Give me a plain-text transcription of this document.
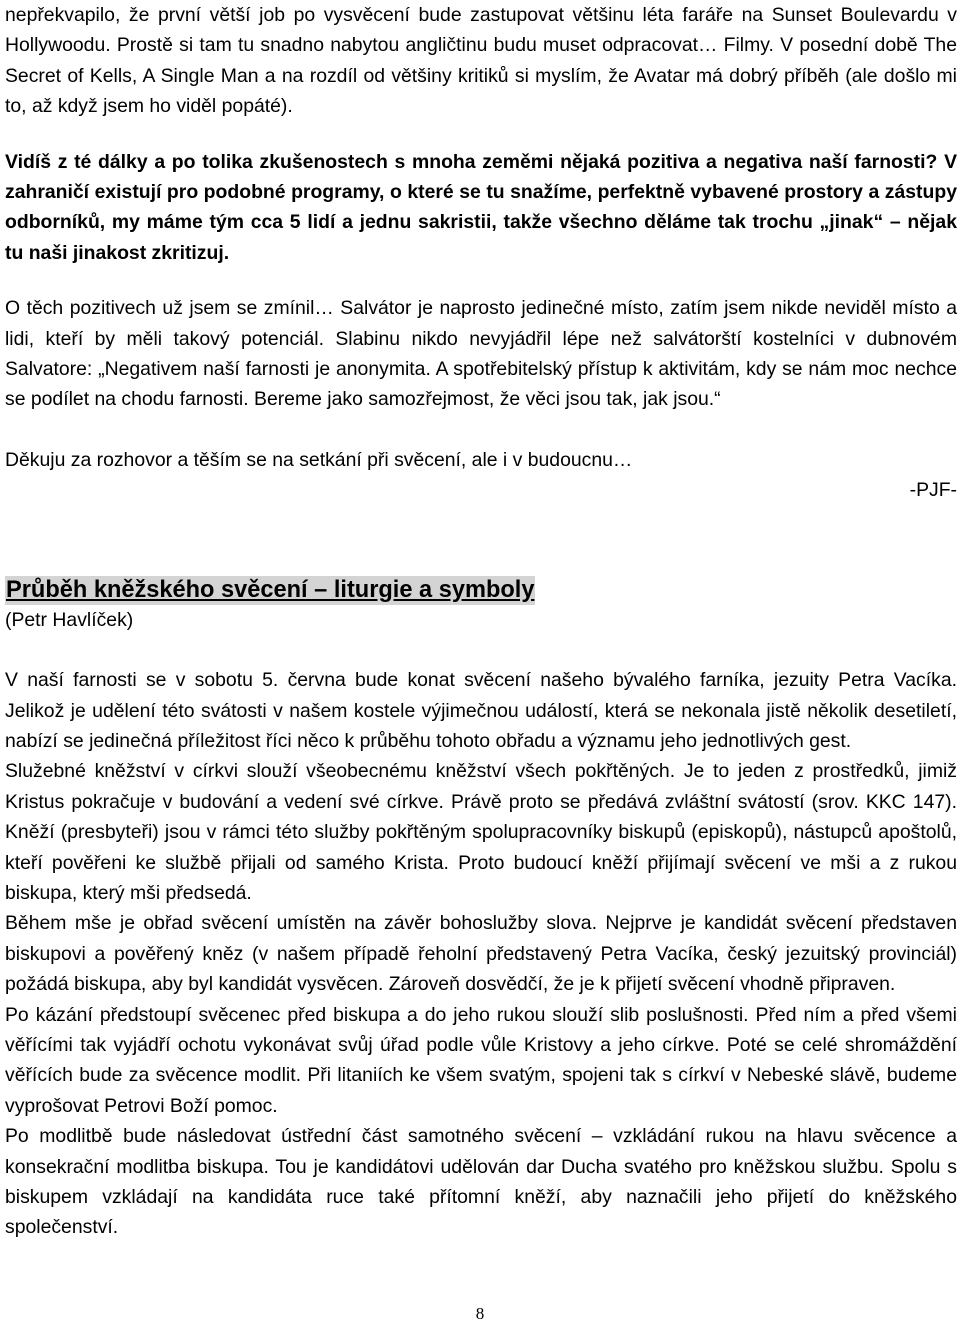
nepřekvapilo, že první větší job po vysvěcení bude zastupovat většinu léta faráře na Sunset Boulevardu v Hollywoodu. Prostě si tam tu snadno nabytou angličtinu budu muset odpracovat… Filmy. V posední době The Secret of Kells, A Single Man a na rozdíl od většiny kritiků si myslím, že Avatar má dobrý příběh (ale došlo mi to, až když jsem ho viděl popáté).

Vidíš z té dálky a po tolika zkušenostech s mnoha zeměmi nějaká pozitiva a negativa naší farnosti? V zahraničí existují pro podobné programy, o které se tu snažíme, perfektně vybavené prostory a zástupy odborníků, my máme tým cca 5 lidí a jednu sakristii, takže všechno děláme tak trochu „jinak“ – nějak tu naši jinakost zkritizuj.

O těch pozitivech už jsem se zmínil… Salvátor je naprosto jedinečné místo, zatím jsem nikde neviděl místo a lidi, kteří by měli takový potenciál. Slabinu nikdo nevyjádřil lépe než salvátorští kostelníci v dubnovém Salvatore: „Negativem naší farnosti je anonymita. A spotřebitelský přístup k aktivitám, kdy se nám moc nechce se podílet na chodu farnosti. Bereme jako samozřejmost, že věci jsou tak, jak jsou.“

Děkuju za rozhovor a těším se na setkání při svěcení, ale i v budoucnu…

-PJF-

Průběh kněžského svěcení – liturgie a symboly

(Petr Havlíček)

V naší farnosti se v sobotu 5. června bude konat svěcení našeho bývalého farníka, jezuity Petra Vacíka. Jelikož je udělení této svátosti v našem kostele výjimečnou událostí, která se nekonala jistě několik desetiletí, nabízí se jedinečná příležitost říci něco k průběhu tohoto obřadu a významu jeho jednotlivých gest.

Služebné kněžství v církvi slouží všeobecnému kněžství všech pokřtěných. Je to jeden z prostředků, jimiž Kristus pokračuje v budování a vedení své církve. Právě proto se předává zvláštní svátostí (srov. KKC 147). Kněží (presbyteři) jsou v rámci této služby pokřtěným spolupracovníky biskupů (episkopů), nástupců apoštolů, kteří pověřeni ke službě přijali od samého Krista. Proto budoucí kněží přijímají svěcení ve mši a z rukou biskupa, který mši předsedá.

Během mše je obřad svěcení umístěn na závěr bohoslužby slova. Nejprve je kandidát svěcení představen biskupovi a pověřený kněz (v našem případě řeholní představený Petra Vacíka, český jezuitský provinciál) požádá biskupa, aby byl kandidát vysvěcen. Zároveň dosvědčí, že je k přijetí svěcení vhodně připraven.

Po kázání předstoupí svěcenec před biskupa a do jeho rukou slouží slib poslušnosti. Před ním a před všemi věřícími tak vyjádří ochotu vykonávat svůj úřad podle vůle Kristovy a jeho církve. Poté se celé shromáždění věřících bude za svěcence modlit. Při litaniích ke všem svatým, spojeni tak s církví v Nebeské slávě, budeme vyprošovat Petrovi Boží pomoc.

Po modlitbě bude následovat ústřední část samotného svěcení – vzkládání rukou na hlavu svěcence a konsekrační modlitba biskupa. Tou je kandidátovi udělován dar Ducha svatého pro kněžskou službu. Spolu s biskupem vzkládají na kandidáta ruce také přítomní kněží, aby naznačili jeho přijetí do kněžského společenství.

8
